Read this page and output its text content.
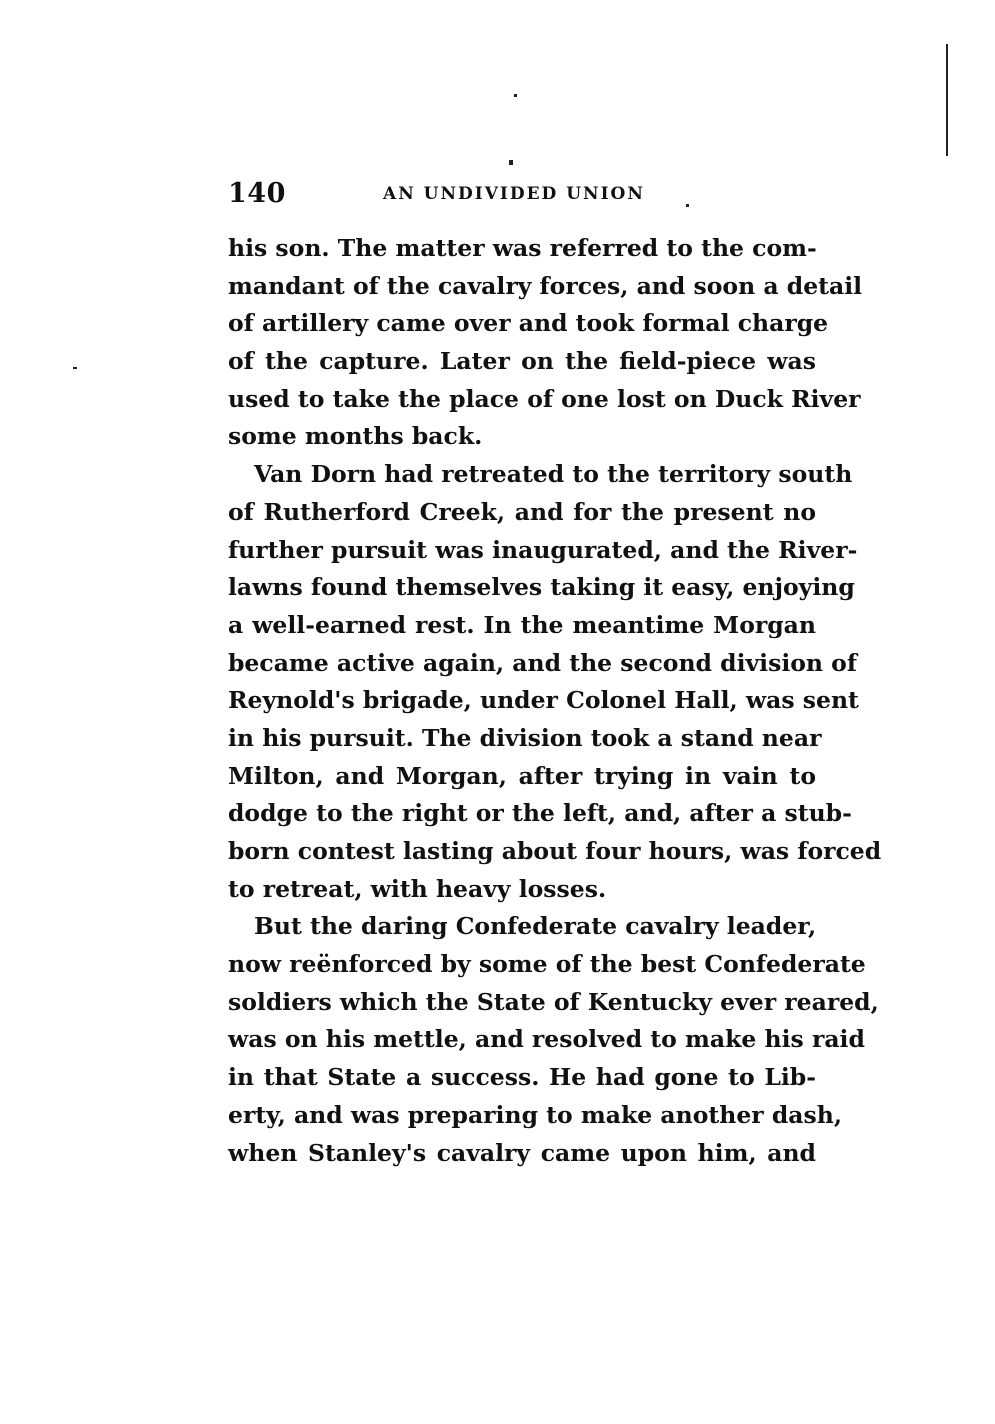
140	AN UNDIVIDED UNION
his son. The matter was referred to the com-
mandant of the cavalry forces, and soon a detail
of artillery came over and took formal charge
of the capture. Later on the field-piece was
used to take the place of one lost on Duck River
some months back.
Van Dorn had retreated to the territory south
of Rutherford Creek, and for the present no
further pursuit was inaugurated, and the River-
lawns found themselves taking it easy, enjoying
a well-earned rest. In the meantime Morgan
became active again, and the second division of
Reynold's brigade, under Colonel Hall, was sent
in his pursuit. The division took a stand near
Milton, and Morgan, after trying in vain to
dodge to the right or the left, and, after a stub-
born contest lasting about four hours, was forced
to retreat, with heavy losses.
But the daring Confederate cavalry leader,
now reënforced by some of the best Confederate
soldiers which the State of Kentucky ever reared,
was on his mettle, and resolved to make his raid
in that State a success. He had gone to Lib-
erty, and was preparing to make another dash,
when Stanley's cavalry came upon him, and
